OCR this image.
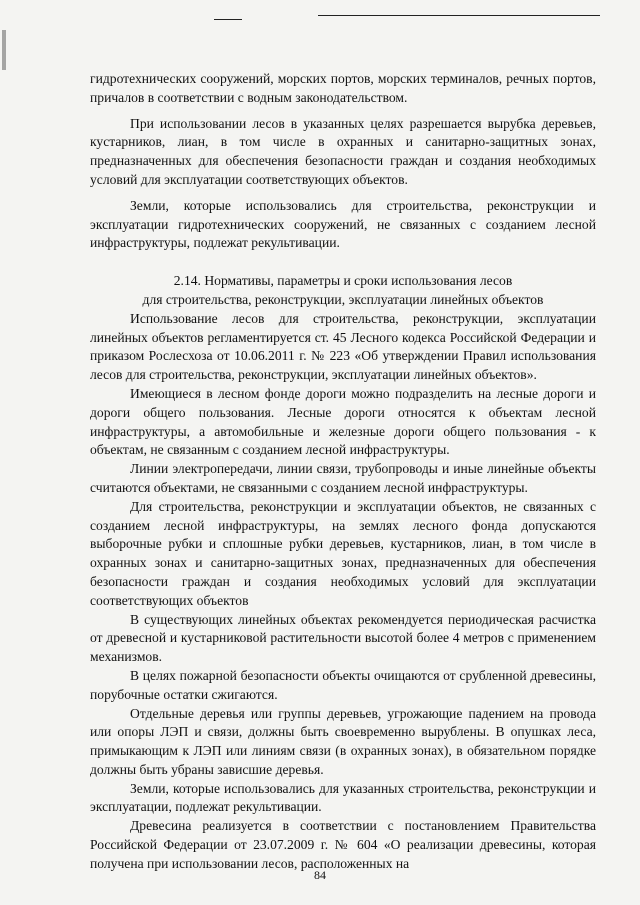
гидротехнических сооружений, морских портов, морских терминалов, речных портов, причалов в соответствии с водным законодательством.

При использовании лесов в указанных целях разрешается вырубка деревьев, кустарников, лиан, в том числе в охранных и санитарно-защитных зонах, предназначенных для обеспечения безопасности граждан и создания необходимых условий для эксплуатации соответствующих объектов.

Земли, которые использовались для строительства, реконструкции и эксплуатации гидротехнических сооружений, не связанных с созданием лесной инфраструктуры, подлежат рекультивации.

2.14. Нормативы, параметры и сроки использования лесов
для строительства, реконструкции, эксплуатации линейных объектов

Использование лесов для строительства, реконструкции, эксплуатации линейных объектов регламентируется ст. 45 Лесного кодекса Российской Федерации и приказом Рослесхоза от 10.06.2011 г. № 223 «Об утверждении Правил использования лесов для строительства, реконструкции, эксплуатации линейных объектов».

Имеющиеся в лесном фонде дороги можно подразделить на лесные дороги и дороги общего пользования. Лесные дороги относятся к объектам лесной инфраструктуры, а автомобильные и железные дороги общего пользования - к объектам, не связанным с созданием лесной инфраструктуры.

Линии электропередачи, линии связи, трубопроводы и иные линейные объекты считаются объектами, не связанными с созданием лесной инфраструктуры.

Для строительства, реконструкции и эксплуатации объектов, не связанных с созданием лесной инфраструктуры, на землях лесного фонда допускаются выборочные рубки и сплошные рубки деревьев, кустарников, лиан, в том числе в охранных зонах и санитарно-защитных зонах, предназначенных для обеспечения безопасности граждан и создания необходимых условий для эксплуатации соответствующих объектов

В существующих линейных объектах рекомендуется периодическая расчистка от древесной и кустарниковой растительности высотой более 4 метров с применением механизмов.

В целях пожарной безопасности объекты очищаются от срубленной древесины, порубочные остатки сжигаются.

Отдельные деревья или группы деревьев, угрожающие падением на провода или опоры ЛЭП и связи, должны быть своевременно вырублены. В опушках леса, примыкающим к ЛЭП или линиям связи (в охранных зонах), в обязательном порядке должны быть убраны зависшие деревья.

Земли, которые использовались для указанных строительства, реконструкции и эксплуатации, подлежат рекультивации.

Древесина реализуется в соответствии с постановлением Правительства Российской Федерации от 23.07.2009 г. № 604 «О реализации древесины, которая получена при использовании лесов, расположенных на

84
